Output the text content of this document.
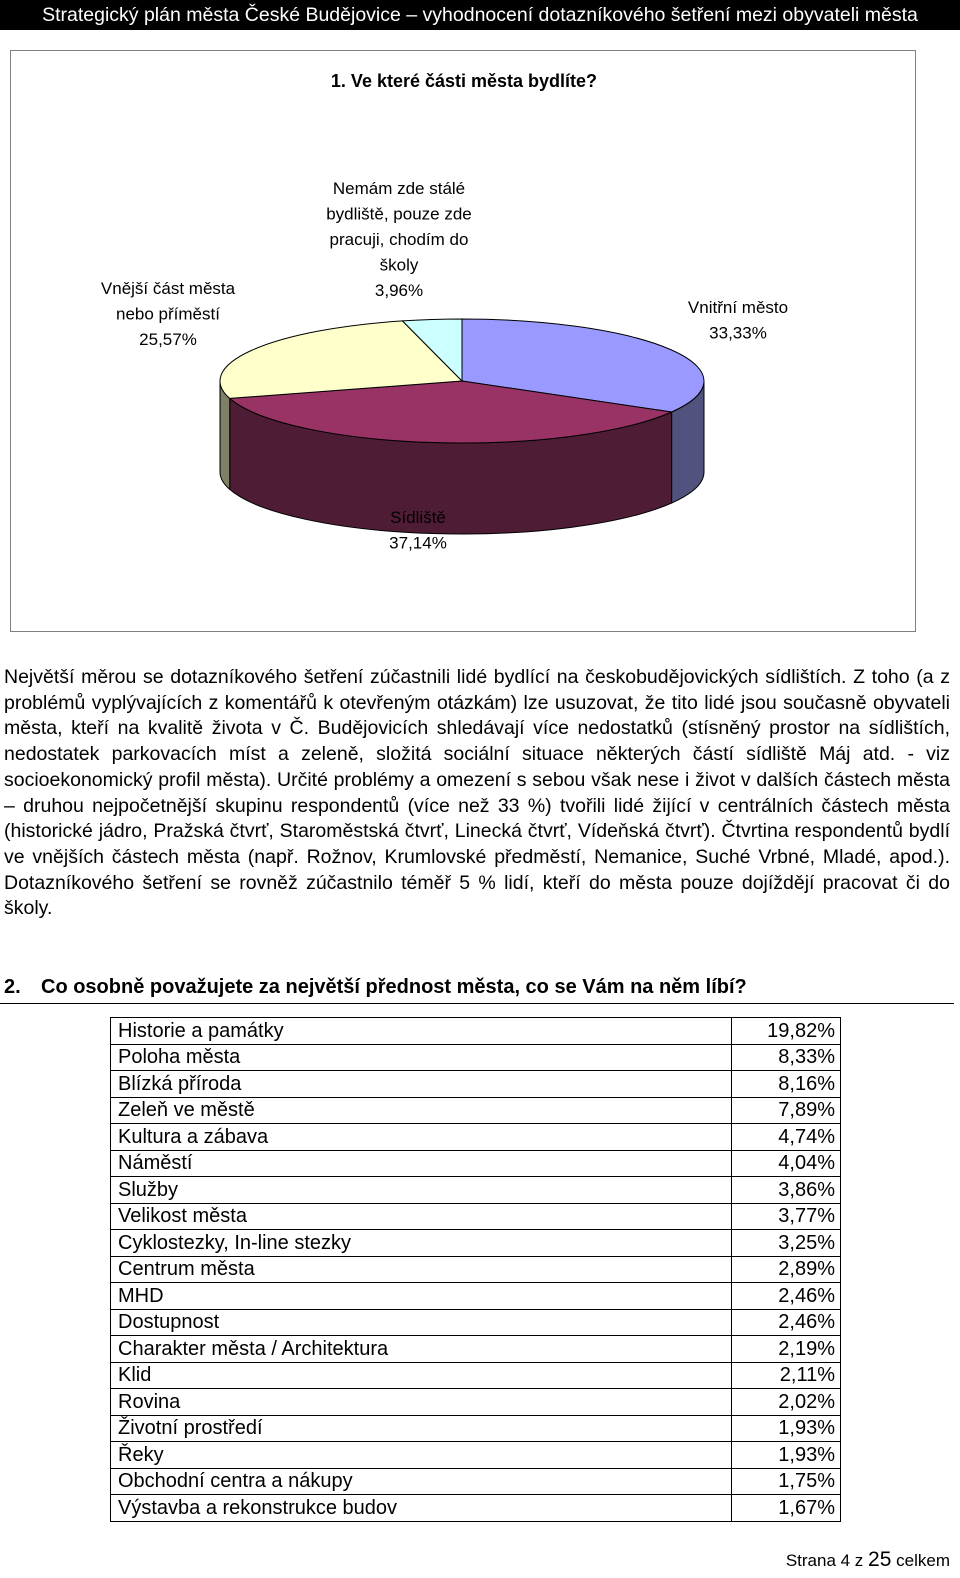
Strategický plán města České Budějovice – vyhodnocení dotazníkového šetření mezi obyvateli města
1. Ve které části města bydlíte?
Vnitřní město 33,33%
Sídliště 37,14%
Vnější část města nebo příměstí 25,57%
Nemám zde stálé bydliště, pouze zde pracuji, chodím do školy 3,96%

Největší měrou se dotazníkového šetření zúčastnili lidé bydlící na českobudějovických sídlištích. Z toho (a z problémů vyplývajících z komentářů k otevřeným otázkám) lze usuzovat, že tito lidé jsou současně obyvateli města, kteří na kvalitě života v Č. Budějovicích shledávají více nedostatků (stísněný prostor na sídlištích, nedostatek parkovacích míst a zeleně, složitá sociální situace některých částí sídliště Máj atd. - viz socioekonomický profil města). Určité problémy a omezení s sebou však nese i život v dalších částech města – druhou nejpočetnější skupinu respondentů (více než 33 %) tvořili lidé žijící v centrálních částech města (historické jádro, Pražská čtvrť, Staroměstská čtvrť, Linecká čtvrť, Vídeňská čtvrť). Čtvrtina respondentů bydlí ve vnějších částech města (např. Rožnov, Krumlovské předměstí, Nemanice, Suché Vrbné, Mladé, apod.). Dotazníkového šetření se rovněž zúčastnilo téměř 5 % lidí, kteří do města pouze dojíždějí pracovat či do školy.

2. Co osobně považujete za největší přednost města, co se Vám na něm líbí?

Historie a památky	19,82%
Poloha města	8,33%
Blízká příroda	8,16%
Zeleň ve městě	7,89%
Kultura a zábava	4,74%
Náměstí	4,04%
Služby	3,86%
Velikost města	3,77%
Cyklostezky, In-line stezky	3,25%
Centrum města	2,89%
MHD	2,46%
Dostupnost	2,46%
Charakter města / Architektura	2,19%
Klid	2,11%
Rovina	2,02%
Životní prostředí	1,93%
Řeky	1,93%
Obchodní centra a nákupy	1,75%
Výstavba a rekonstrukce budov	1,67%
Strana 4 z 25 celkem
